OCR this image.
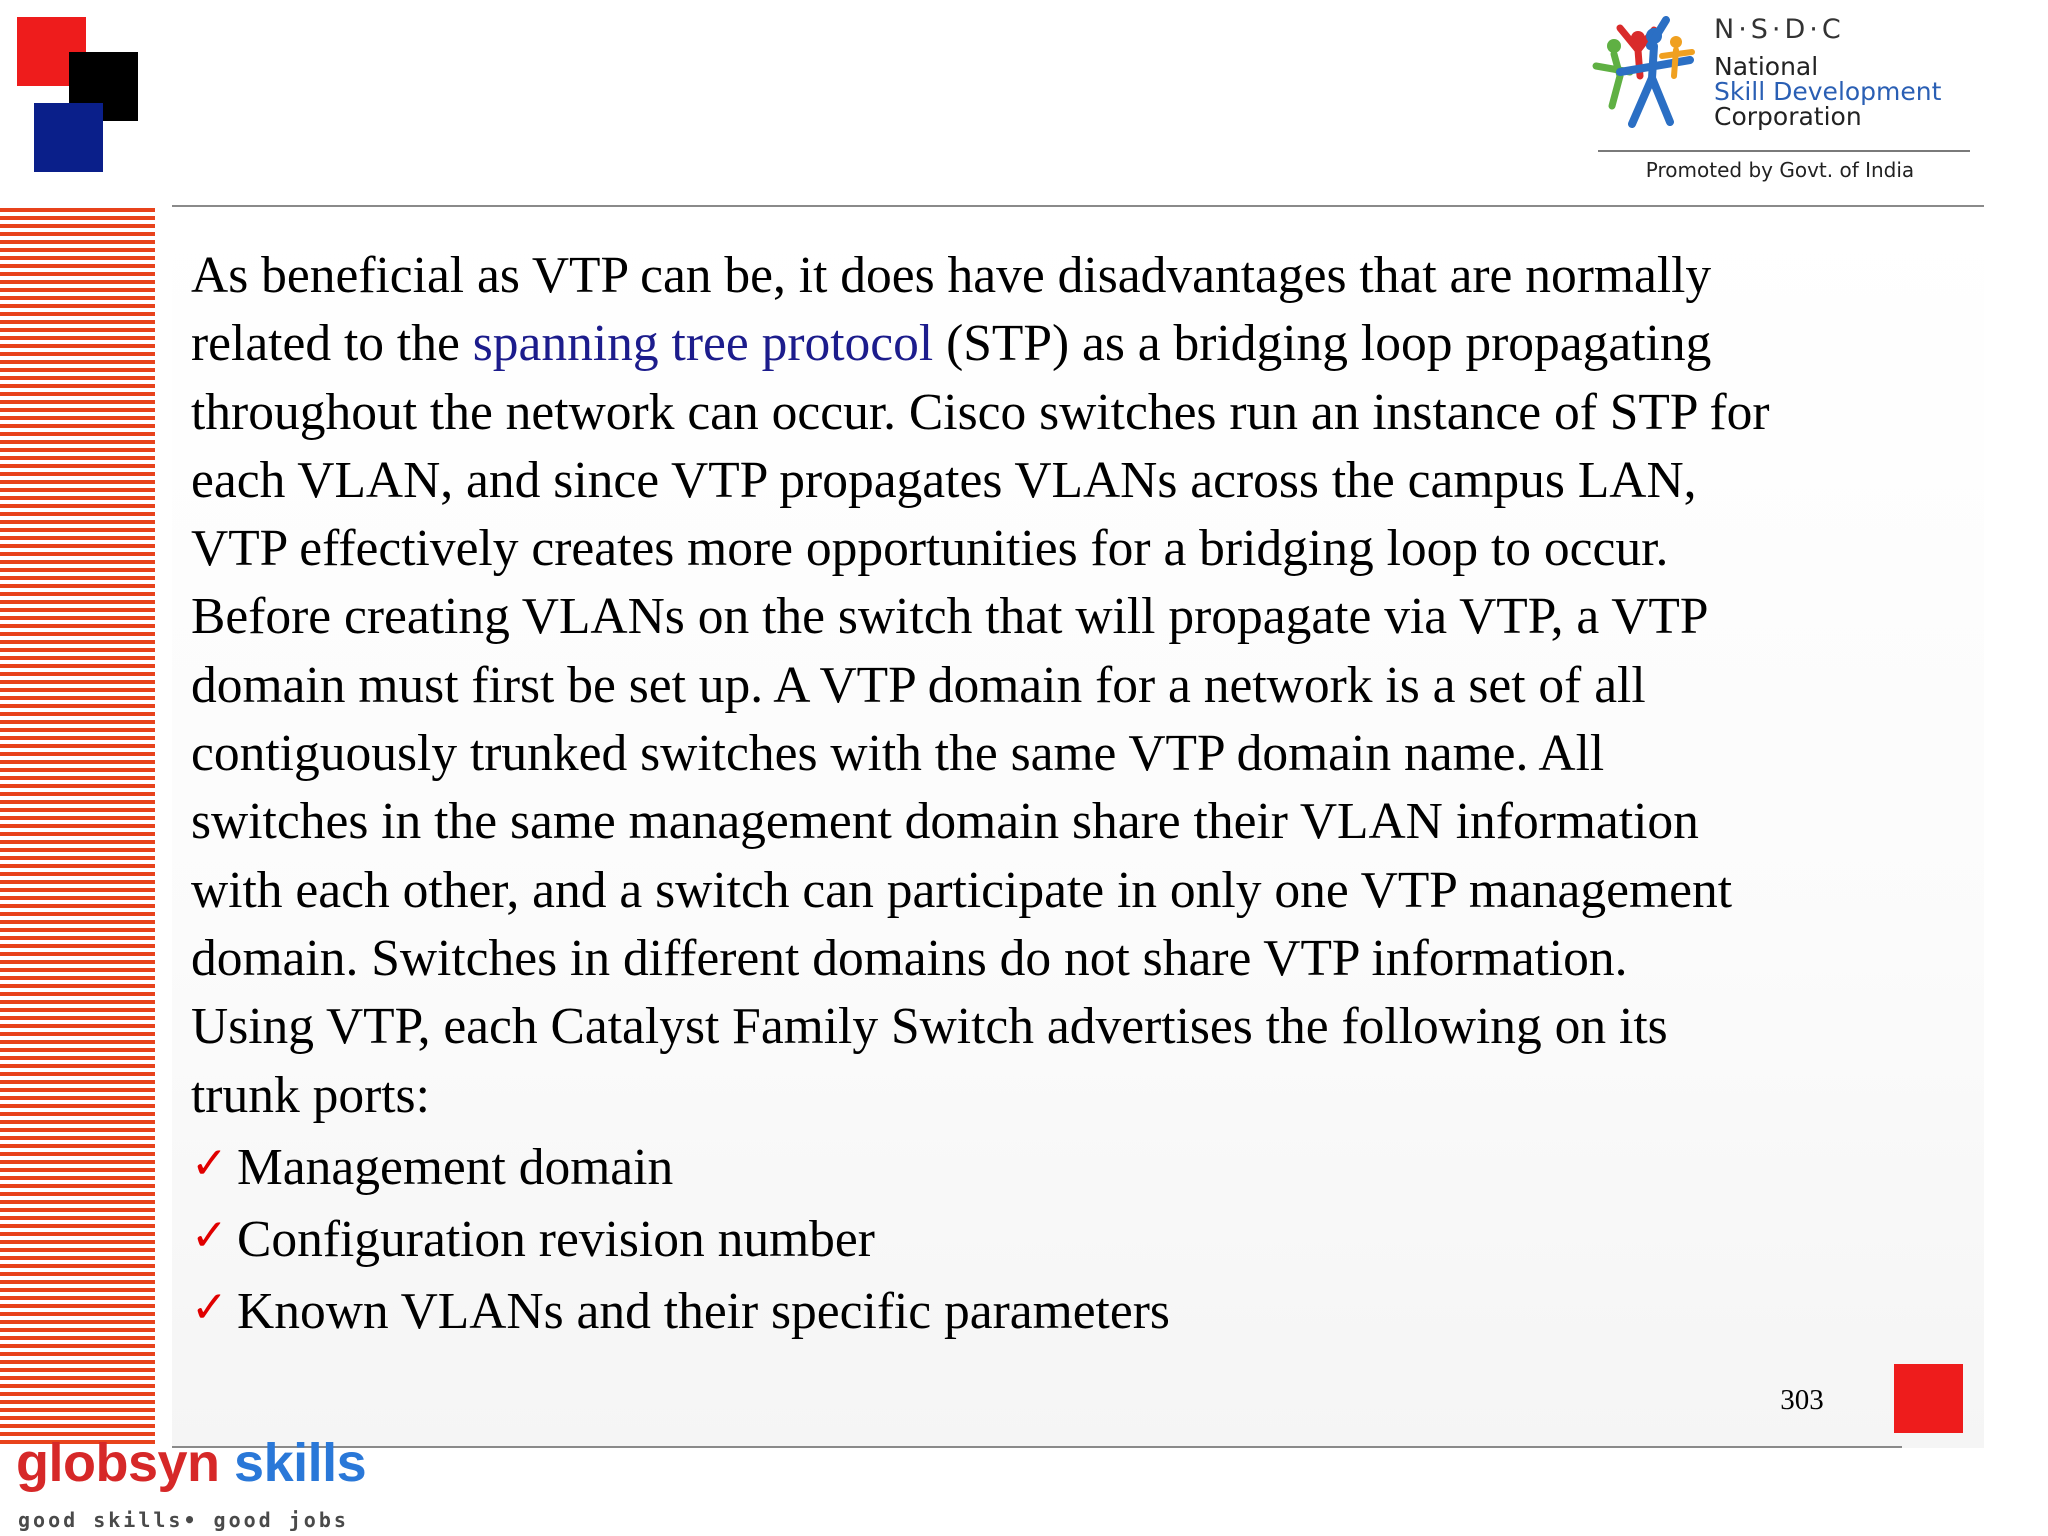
N·S·D·C
National
Skill Development
Corporation
Promoted by Govt. of India

As beneficial as VTP can be, it does have disadvantages that are normally

related to the spanning tree protocol (STP) as a bridging loop propagating

throughout the network can occur. Cisco switches run an instance of STP for

each VLAN, and since VTP propagates VLANs across the campus LAN,

VTP effectively creates more opportunities for a bridging loop to occur.

Before creating VLANs on the switch that will propagate via VTP, a VTP

domain must first be set up. A VTP domain for a network is a set of all

contiguously trunked switches with the same VTP domain name. All

switches in the same management domain share their VLAN information

with each other, and a switch can participate in only one VTP management

domain. Switches in different domains do not share VTP information.

Using VTP, each Catalyst Family Switch advertises the following on its

trunk ports:

✓ Management domain

✓ Configuration revision number

✓ Known VLANs and their specific parameters

303
globsyn skills
good skills• good jobs
